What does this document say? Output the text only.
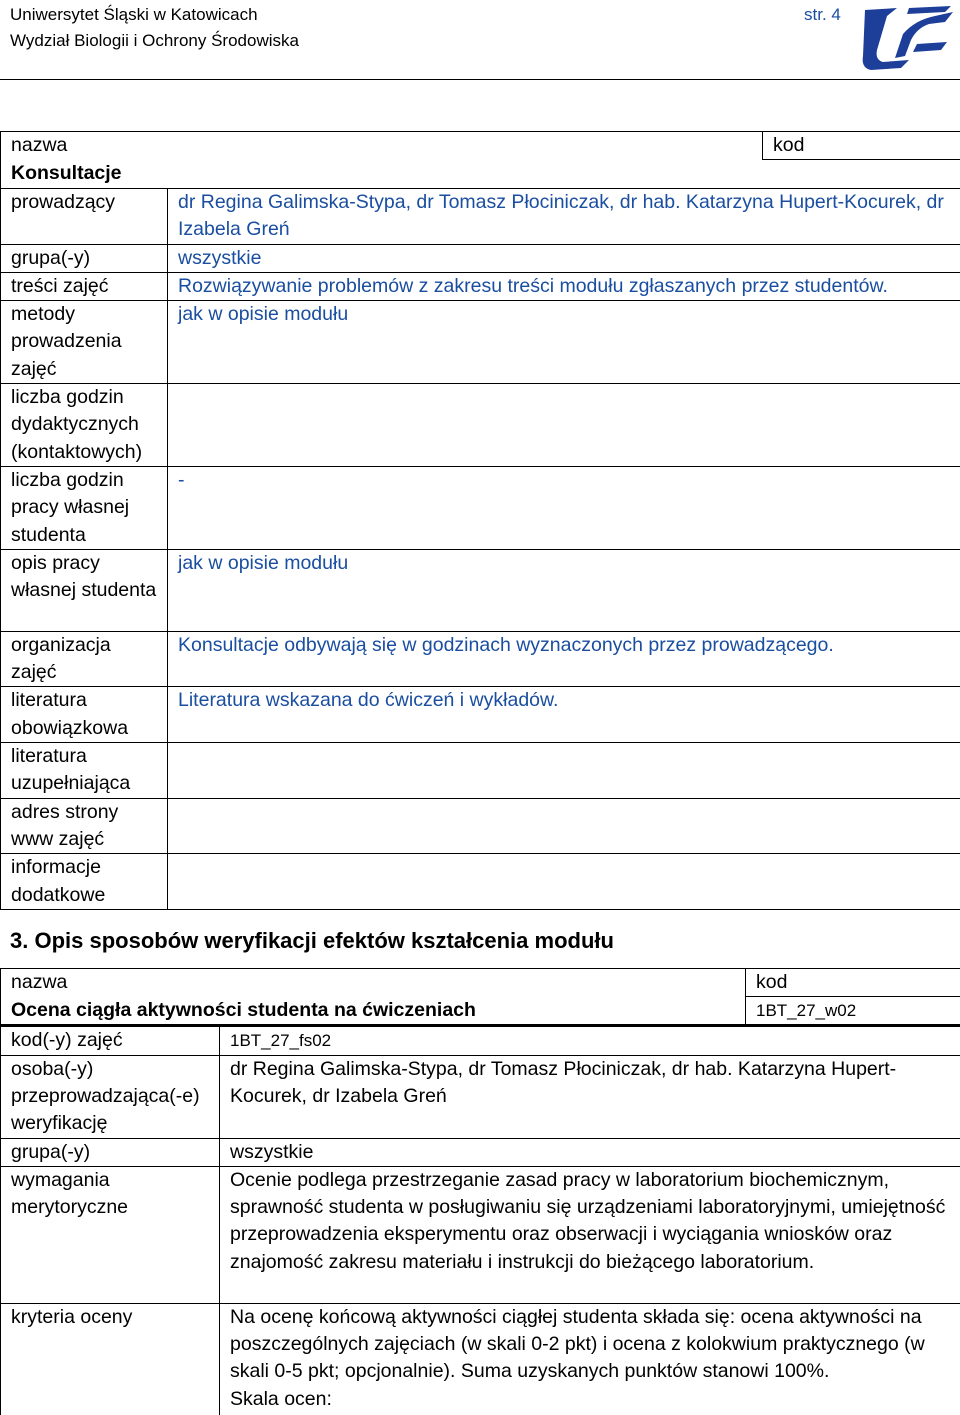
Uniwersytet Śląski w Katowicach
Wydział Biologii i Ochrony Środowiska
str. 4
nazwa		kod
Konsultacje		
prowadzący	dr Regina Galimska-Stypa, dr Tomasz Płociniczak, dr hab. Katarzyna Hupert-Kocurek, dr Izabela Greń	
grupa(-y)	wszystkie	
treści zajęć	Rozwiązywanie problemów z zakresu treści modułu zgłaszanych przez studentów.	
metody prowadzenia zajęć	jak w opisie modułu	
liczba godzin dydaktycznych (kontaktowych)		
liczba godzin pracy własnej studenta	-	
opis pracy własnej studenta	jak w opisie modułu	
organizacja zajęć	Konsultacje odbywają się w godzinach wyznaczonych przez prowadzącego.	
literatura obowiązkowa	Literatura wskazana do ćwiczeń i wykładów.	
literatura uzupełniająca		
adres strony www zajęć		
informacje dodatkowe		
3. Opis sposobów weryfikacji efektów kształcenia modułu
nazwa		kod
Ocena ciągła aktywności studenta na ćwiczeniach		1BT_27_w02
kod(-y) zajęć	1BT_27_fs02	
osoba(-y) przeprowadzająca(-e) weryfikację	dr Regina Galimska-Stypa, dr Tomasz Płociniczak, dr hab. Katarzyna Hupert-Kocurek, dr Izabela Greń	
grupa(-y)	wszystkie	
wymagania merytoryczne	Ocenie podlega przestrzeganie zasad pracy w laboratorium biochemicznym, sprawność studenta w posługiwaniu się urządzeniami laboratoryjnymi, umiejętność przeprowadzenia eksperymentu oraz obserwacji i wyciągania wniosków oraz znajomość zakresu materiału i instrukcji do bieżącego laboratorium.	
kryteria oceny	Na ocenę końcową aktywności ciągłej studenta składa się: ocena aktywności na poszczególnych zajęciach (w skali 0-2 pkt) i ocena z kolokwium praktycznego (w skali 0-5 pkt; opcjonalnie). Suma uzyskanych punktów stanowi 100%.
Skala ocen:	
